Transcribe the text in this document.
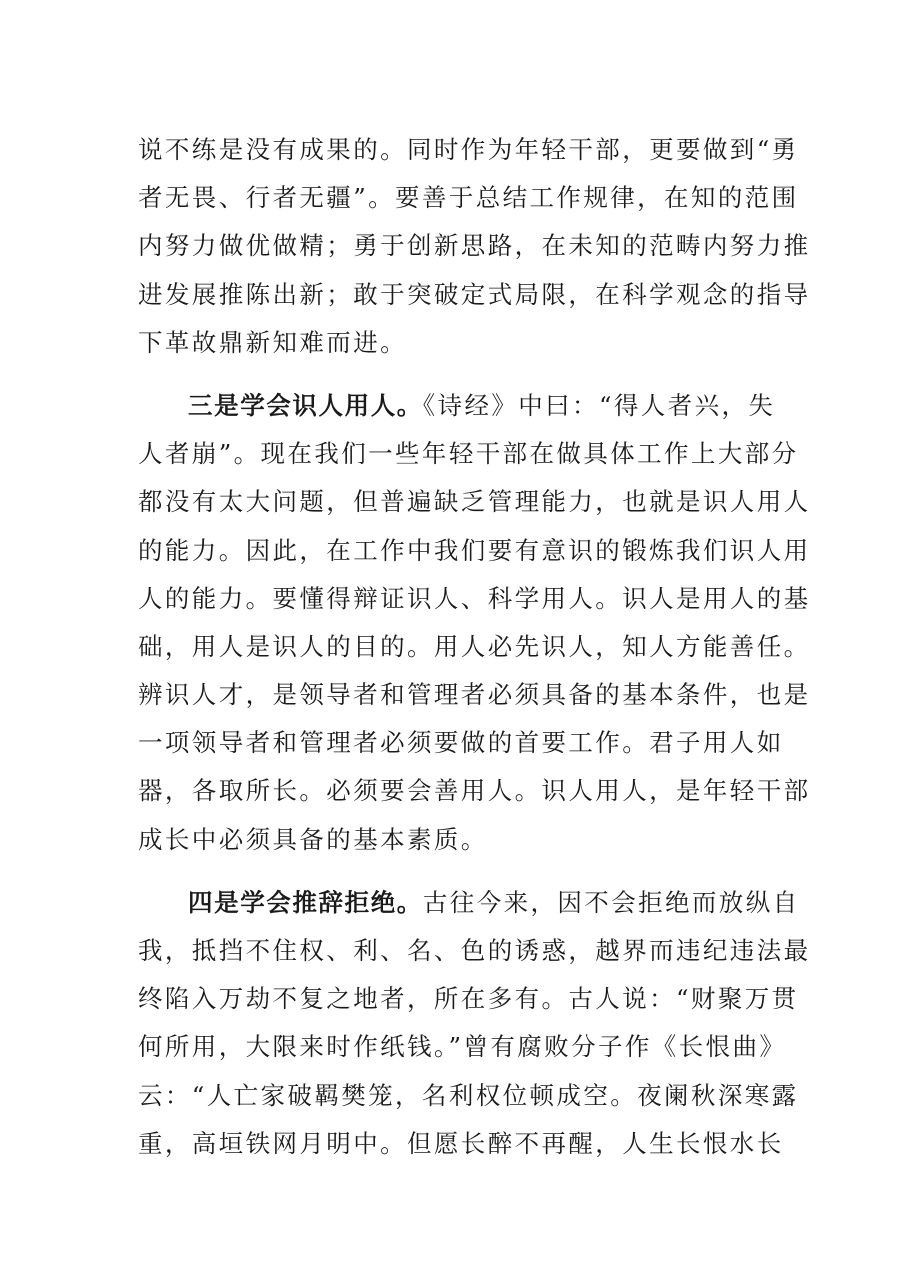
说不练是没有成果的。同时作为年轻干部，更要做到“勇
者无畏、行者无疆”。要善于总结工作规律，在知的范围
内努力做优做精；勇于创新思路，在未知的范畴内努力推
进发展推陈出新；敢于突破定式局限，在科学观念的指导
下革故鼎新知难而进。
三是学会识人用人。《诗经》中曰：“得人者兴，失
人者崩”。现在我们一些年轻干部在做具体工作上大部分
都没有太大问题，但普遍缺乏管理能力，也就是识人用人
的能力。因此，在工作中我们要有意识的锻炼我们识人用
人的能力。要懂得辩证识人、科学用人。识人是用人的基
础，用人是识人的目的。用人必先识人，知人方能善任。
辨识人才，是领导者和管理者必须具备的基本条件，也是
一项领导者和管理者必须要做的首要工作。君子用人如
器，各取所长。必须要会善用人。识人用人，是年轻干部
成长中必须具备的基本素质。
四是学会推辞拒绝。古往今来，因不会拒绝而放纵自
我，抵挡不住权、利、名、色的诱惑，越界而违纪违法最
终陷入万劫不复之地者，所在多有。古人说：“财聚万贯
何所用，大限来时作纸钱。”曾有腐败分子作《长恨曲》
云：“人亡家破羁樊笼，名利权位顿成空。夜阑秋深寒露
重，高垣铁网月明中。但愿长醉不再醒，人生长恨水长
